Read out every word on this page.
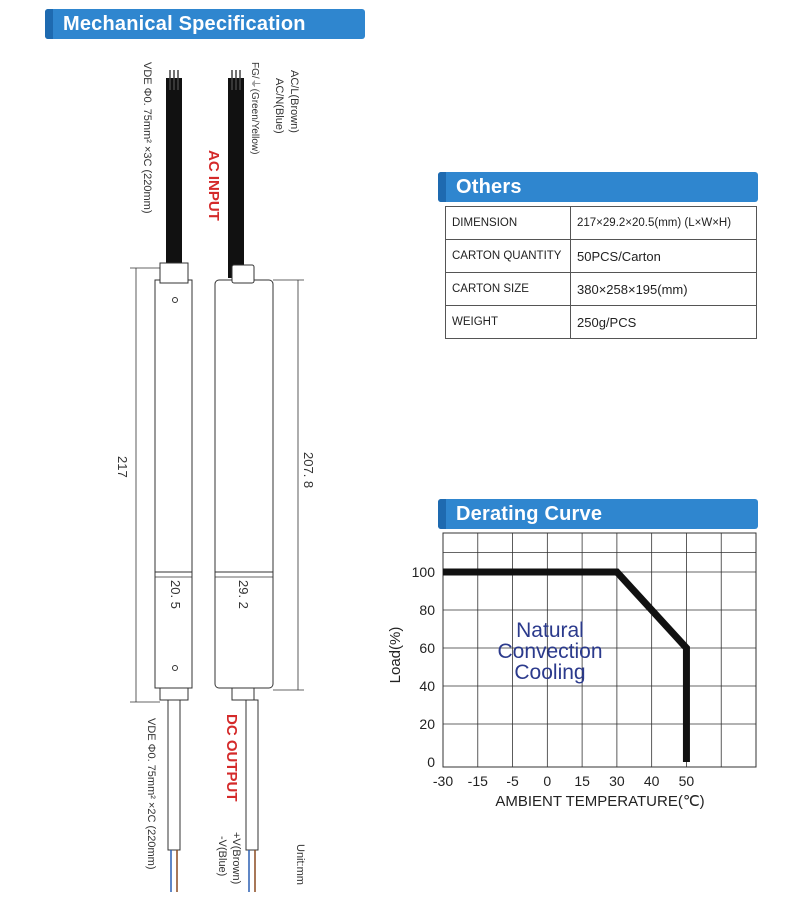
Mechanical Specification
VDE Φ0. 75mm² ×3C (220mm)	AC/L(Brown)
AC/N(Blue)
FG/⏚(Green/Yellow)
AC INPUT
217	207. 8
20. 5	29. 2
VDE Φ0. 75mm² ×2C (220mm)	DC OUTPUT
+V(Brown)
-V(Blue)	Unit:mm
Others
DIMENSION	217×29.2×20.5(mm) (L×W×H)
CARTON QUANTITY	50PCS/Carton
CARTON SIZE	380×258×195(mm)
WEIGHT	250g/PCS
Derating Curve
0
20
40
60
80
100
-30 -15 -5 0 15 30 40 50
Natural
Convection
Cooling
Load(%)
AMBIENT TEMPERATURE(℃)
